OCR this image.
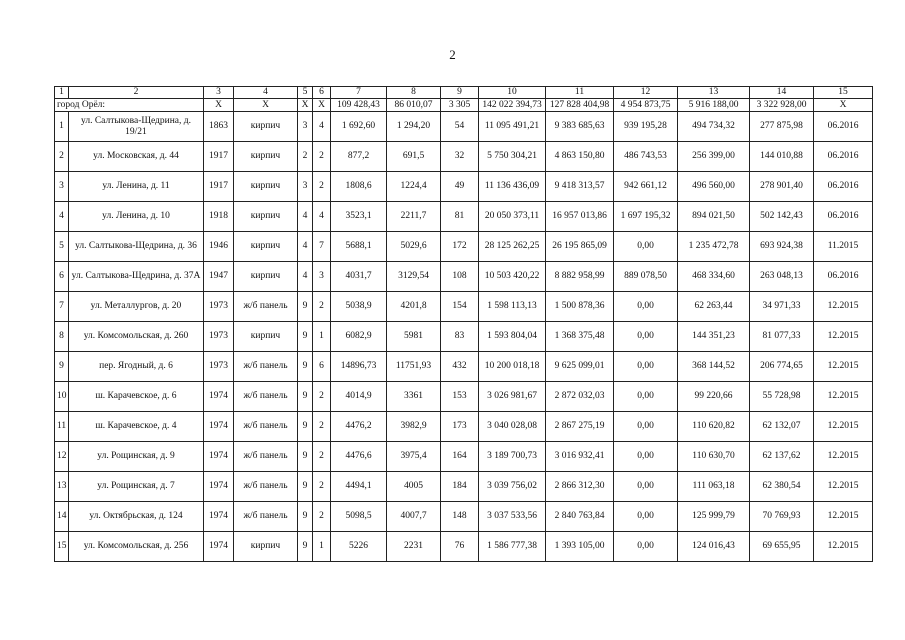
2
1	2	3	4	5	6	7	8	9	10	11	12	13	14	15
город Орёл:		X	X	X	X	109 428,43	86 010,07	3 305	142 022 394,73	127 828 404,98	4 954 873,75	5 916 188,00	3 322 928,00	X
1	ул. Салтыкова-Щедрина, д. 19/21	1863	кирпич	3	4	1 692,60	1 294,20	54	11 095 491,21	9 383 685,63	939 195,28	494 734,32	277 875,98	06.2016
2	ул. Московская, д. 44	1917	кирпич	2	2	877,2	691,5	32	5 750 304,21	4 863 150,80	486 743,53	256 399,00	144 010,88	06.2016
3	ул. Ленина, д. 11	1917	кирпич	3	2	1808,6	1224,4	49	11 136 436,09	9 418 313,57	942 661,12	496 560,00	278 901,40	06.2016
4	ул. Ленина, д. 10	1918	кирпич	4	4	3523,1	2211,7	81	20 050 373,11	16 957 013,86	1 697 195,32	894 021,50	502 142,43	06.2016
5	ул. Салтыкова-Щедрина, д. 36	1946	кирпич	4	7	5688,1	5029,6	172	28 125 262,25	26 195 865,09	0,00	1 235 472,78	693 924,38	11.2015
6	ул. Салтыкова-Щедрина, д. 37А	1947	кирпич	4	3	4031,7	3129,54	108	10 503 420,22	8 882 958,99	889 078,50	468 334,60	263 048,13	06.2016
7	ул. Металлургов, д. 20	1973	ж/б панель	9	2	5038,9	4201,8	154	1 598 113,13	1 500 878,36	0,00	62 263,44	34 971,33	12.2015
8	ул. Комсомольская, д. 260	1973	кирпич	9	1	6082,9	5981	83	1 593 804,04	1 368 375,48	0,00	144 351,23	81 077,33	12.2015
9	пер. Ягодный, д. 6	1973	ж/б панель	9	6	14896,73	11751,93	432	10 200 018,18	9 625 099,01	0,00	368 144,52	206 774,65	12.2015
10	ш. Карачевское, д. 6	1974	ж/б панель	9	2	4014,9	3361	153	3 026 981,67	2 872 032,03	0,00	99 220,66	55 728,98	12.2015
11	ш. Карачевское, д. 4	1974	ж/б панель	9	2	4476,2	3982,9	173	3 040 028,08	2 867 275,19	0,00	110 620,82	62 132,07	12.2015
12	ул. Рощинская, д. 9	1974	ж/б панель	9	2	4476,6	3975,4	164	3 189 700,73	3 016 932,41	0,00	110 630,70	62 137,62	12.2015
13	ул. Рощинская, д. 7	1974	ж/б панель	9	2	4494,1	4005	184	3 039 756,02	2 866 312,30	0,00	111 063,18	62 380,54	12.2015
14	ул. Октябрьская, д. 124	1974	ж/б панель	9	2	5098,5	4007,7	148	3 037 533,56	2 840 763,84	0,00	125 999,79	70 769,93	12.2015
15	ул. Комсомольская, д. 256	1974	кирпич	9	1	5226	2231	76	1 586 777,38	1 393 105,00	0,00	124 016,43	69 655,95	12.2015
